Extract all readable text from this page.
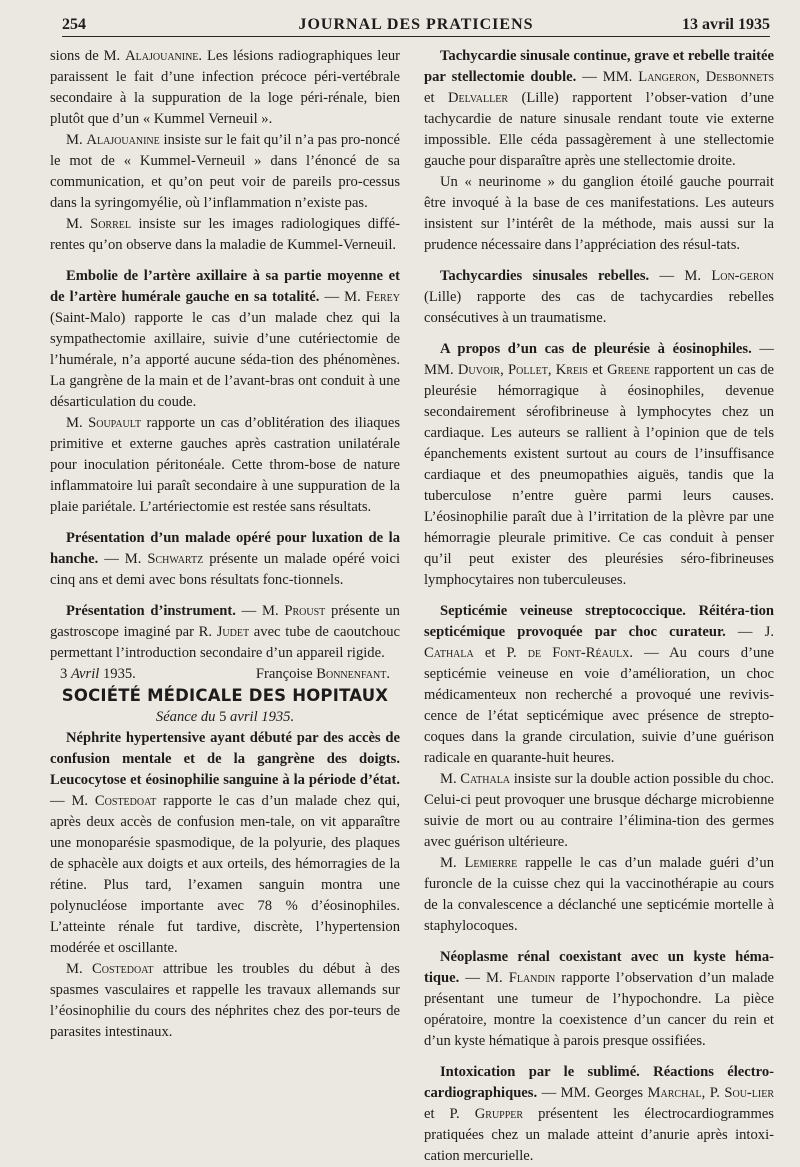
254	JOURNAL DES PRATICIENS	13 avril 1935

sions de M. Alajouanine. Les lésions radiographiques leur paraissent le fait d’une infection précoce péri-vertébrale secondaire à la suppuration de la loge péri-rénale, bien plutôt que d’un « Kummel Verneuil ».

M. Alajouanine insiste sur le fait qu’il n’a pas pro-noncé le mot de « Kummel-Verneuil » dans l’énoncé de sa communication, et qu’on peut voir de pareils pro-cessus dans la syringomyélie, où l’inflammation n’existe pas.

M. Sorrel insiste sur les images radiologiques diffé-rentes qu’on observe dans la maladie de Kummel-Verneuil.

Embolie de l’artère axillaire à sa partie moyenne et de l’artère humérale gauche en sa totalité. — M. Ferey (Saint-Malo) rapporte le cas d’un malade chez qui la sympathectomie axillaire, suivie d’une cutériectomie de l’humérale, n’a apporté aucune séda-tion des phénomènes. La gangrène de la main et de l’avant-bras ont conduit à une désarticulation du coude.

M. Soupault rapporte un cas d’oblitération des iliaques primitive et externe gauches après castration unilatérale pour inoculation péritonéale. Cette throm-bose de nature inflammatoire lui paraît secondaire à une suppuration de la plaie pariétale. L’artériectomie est restée sans résultats.

Présentation d’un malade opéré pour luxation de la hanche. — M. Schwartz présente un malade opéré voici cinq ans et demi avec bons résultats fonc-tionnels.

Présentation d’instrument. — M. Proust présente un gastroscope imaginé par R. Judet avec tube de caoutchouc permettant l’introduction secondaire d’un appareil rigide.

3 Avril 1935.	Françoise Bonnenfant.

SOCIÉTÉ MÉDICALE DES HOPITAUX

Séance du 5 avril 1935.

Néphrite hypertensive ayant débuté par des accès de confusion mentale et de la gangrène des doigts. Leucocytose et éosinophilie sanguine à la période d’état. — M. Costedoat rapporte le cas d’un malade chez qui, après deux accès de confusion men-tale, on vit apparaître une monoparésie spasmodique, de la polyurie, des plaques de sphacèle aux doigts et aux orteils, des hémorragies de la rétine. Plus tard, l’examen sanguin montra une polynucléose importante avec 78 % d’éosinophiles. L’atteinte rénale fut tardive, discrète, l’hypertension modérée et oscillante.

M. Costedoat attribue les troubles du début à des spasmes vasculaires et rappelle les travaux allemands sur l’éosinophilie du cours des néphrites chez des por-teurs de parasites intestinaux.

Tachycardie sinusale continue, grave et rebelle traitée par stellectomie double. — MM. Langeron, Desbonnets et Delvaller (Lille) rapportent l’obser-vation d’une tachycardie de nature sinusale rendant toute vie externe impossible. Elle céda passagèrement à une stellectomie gauche pour disparaître après une stellectomie droite.

Un « neurinome » du ganglion étoilé gauche pourrait être invoqué à la base de ces manifestations. Les auteurs insistent sur l’intérêt de la méthode, mais aussi sur la prudence nécessaire dans l’appréciation des résul-tats.

Tachycardies sinusales rebelles. — M. Lon-geron (Lille) rapporte des cas de tachycardies rebelles consécutives à un traumatisme.

A propos d’un cas de pleurésie à éosinophiles. — MM. Duvoir, Pollet, Kreis et Greene rapportent un cas de pleurésie hémorragique à éosinophiles, devenue secondairement sérofibrineuse à lymphocytes chez un cardiaque. Les auteurs se rallient à l’opinion que de tels épanchements existent surtout au cours de l’insuffisance cardiaque et des pneumopathies aiguës, tandis que la tuberculose n’entre guère parmi leurs causes. L’éosinophilie paraît due à l’irritation de la plèvre par une hémorragie pleurale primitive. Ce cas conduit à penser qu’il peut exister des pleurésies séro-fibrineuses lymphocytaires non tuberculeuses.

Septicémie veineuse streptococcique. Réitéra-tion septicémique provoquée par choc curateur. — J. Cathala et P. de Font-Réaulx. — Au cours d’une septicémie veineuse en voie d’amélioration, un choc médicamenteux non recherché a provoqué une revivis-cence de l’état septicémique avec présence de strepto-coques dans la grande circulation, suivie d’une guérison radicale en quarante-huit heures.

M. Cathala insiste sur la double action possible du choc. Celui-ci peut provoquer une brusque décharge microbienne suivie de mort ou au contraire l’élimina-tion des germes avec guérison ultérieure.

M. Lemierre rappelle le cas d’un malade guéri d’un furoncle de la cuisse chez qui la vaccinothérapie au cours de la convalescence a déclanché une septicémie mortelle à staphylocoques.

Néoplasme rénal coexistant avec un kyste héma-tique. — M. Flandin rapporte l’observation d’un malade présentant une tumeur de l’hypochondre. La pièce opératoire, montre la coexistence d’un cancer du rein et d’un kyste hématique à parois presque ossifiées.

Intoxication par le sublimé. Réactions électro-cardiographiques. — MM. Georges Marchal, P. Sou-lier et P. Grupper présentent les électrocardiogrammes pratiquées chez un malade atteint d’anurie après intoxi-cation mercurielle.
